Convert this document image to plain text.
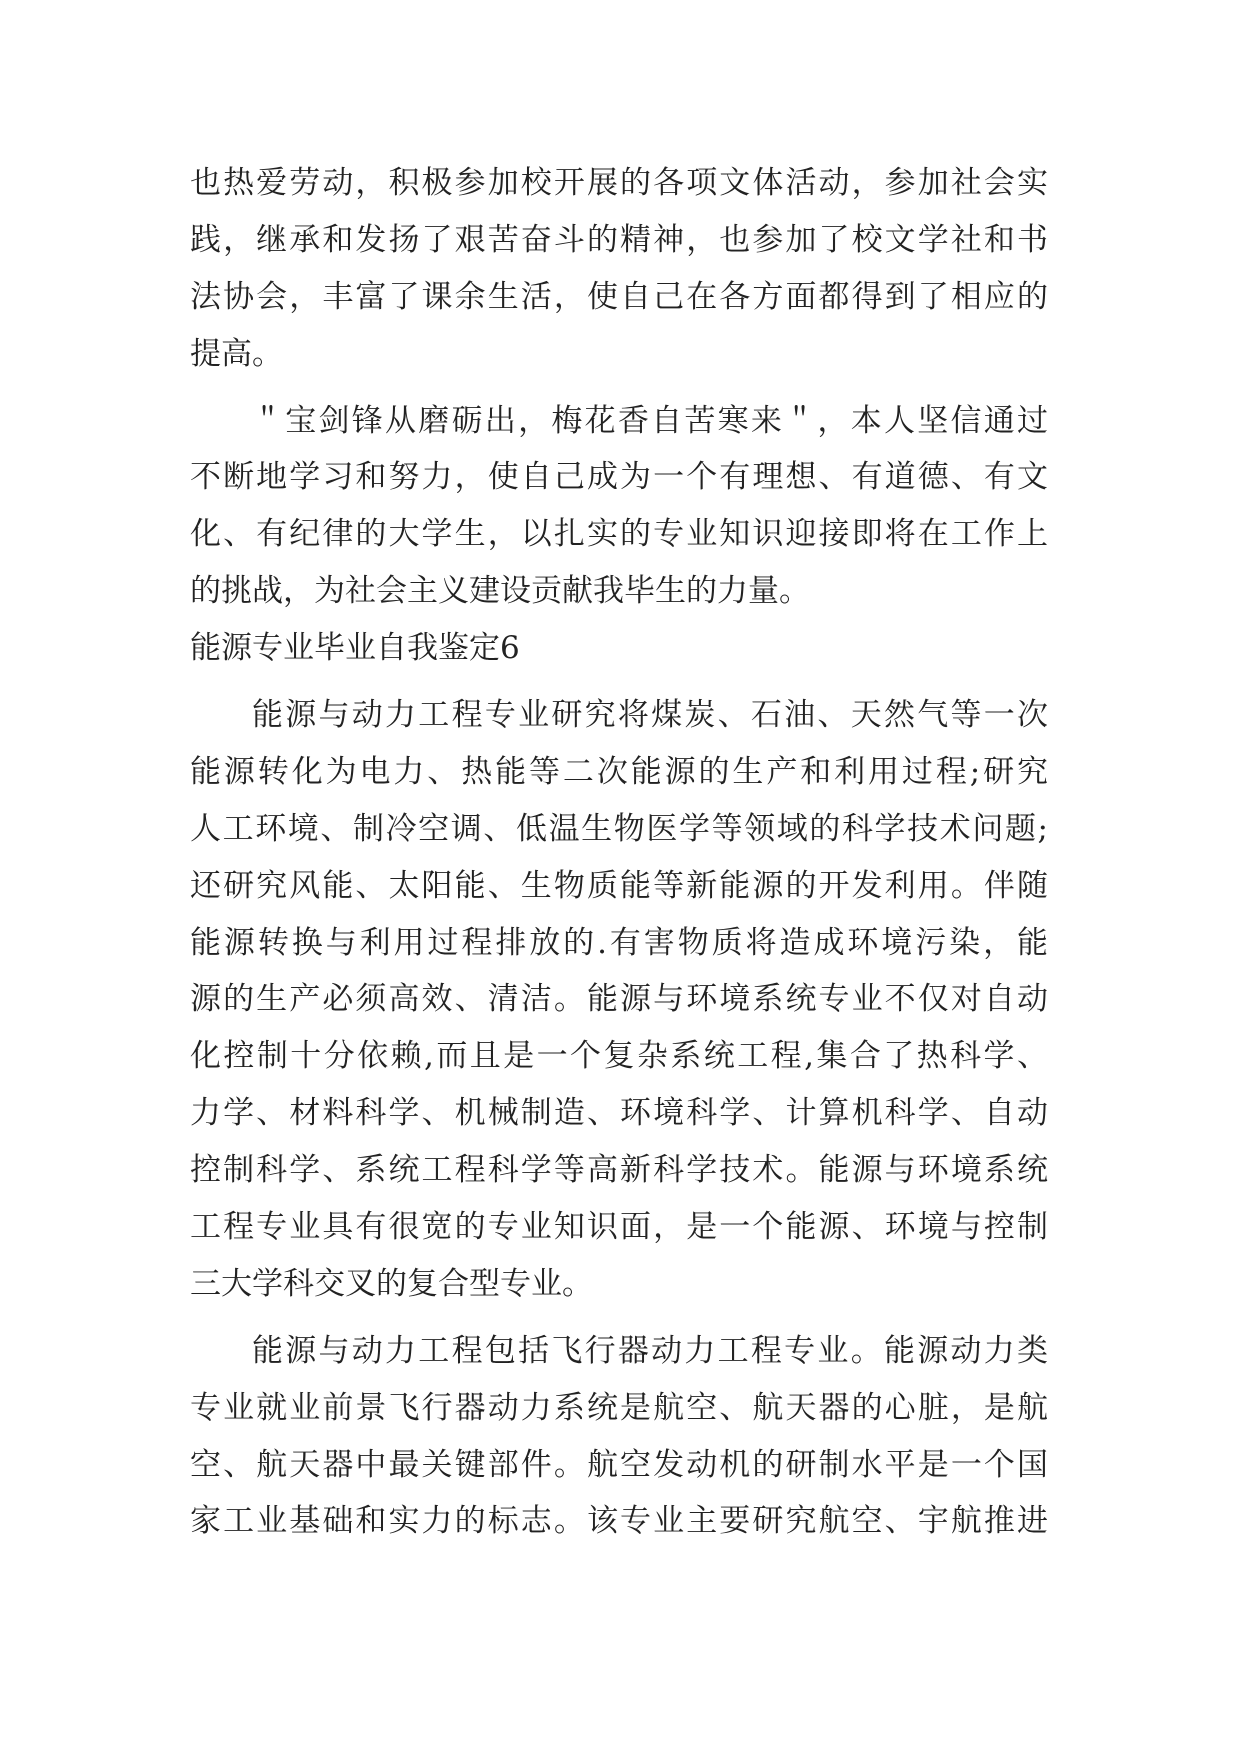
也热爱劳动，积极参加校开展的各项文体活动，参加社会实
践，继承和发扬了艰苦奋斗的精神，也参加了校文学社和书
法协会，丰富了课余生活，使自己在各方面都得到了相应的
提高。
＂宝剑锋从磨砺出，梅花香自苦寒来＂，本人坚信通过
不断地学习和努力，使自己成为一个有理想、有道德、有文
化、有纪律的大学生，以扎实的专业知识迎接即将在工作上
的挑战，为社会主义建设贡献我毕生的力量。
能源专业毕业自我鉴定6
能源与动力工程专业研究将煤炭、石油、天然气等一次
能源转化为电力、热能等二次能源的生产和利用过程;研究
人工环境、制冷空调、低温生物医学等领域的科学技术问题;
还研究风能、太阳能、生物质能等新能源的开发利用。伴随
能源转换与利用过程排放的.有害物质将造成环境污染，能
源的生产必须高效、清洁。能源与环境系统专业不仅对自动
化控制十分依赖,而且是一个复杂系统工程,集合了热科学、
力学、材料科学、机械制造、环境科学、计算机科学、自动
控制科学、系统工程科学等高新科学技术。能源与环境系统
工程专业具有很宽的专业知识面，是一个能源、环境与控制
三大学科交叉的复合型专业。
能源与动力工程包括飞行器动力工程专业。能源动力类
专业就业前景飞行器动力系统是航空、航天器的心脏，是航
空、航天器中最关键部件。航空发动机的研制水平是一个国
家工业基础和实力的标志。该专业主要研究航空、宇航推进
